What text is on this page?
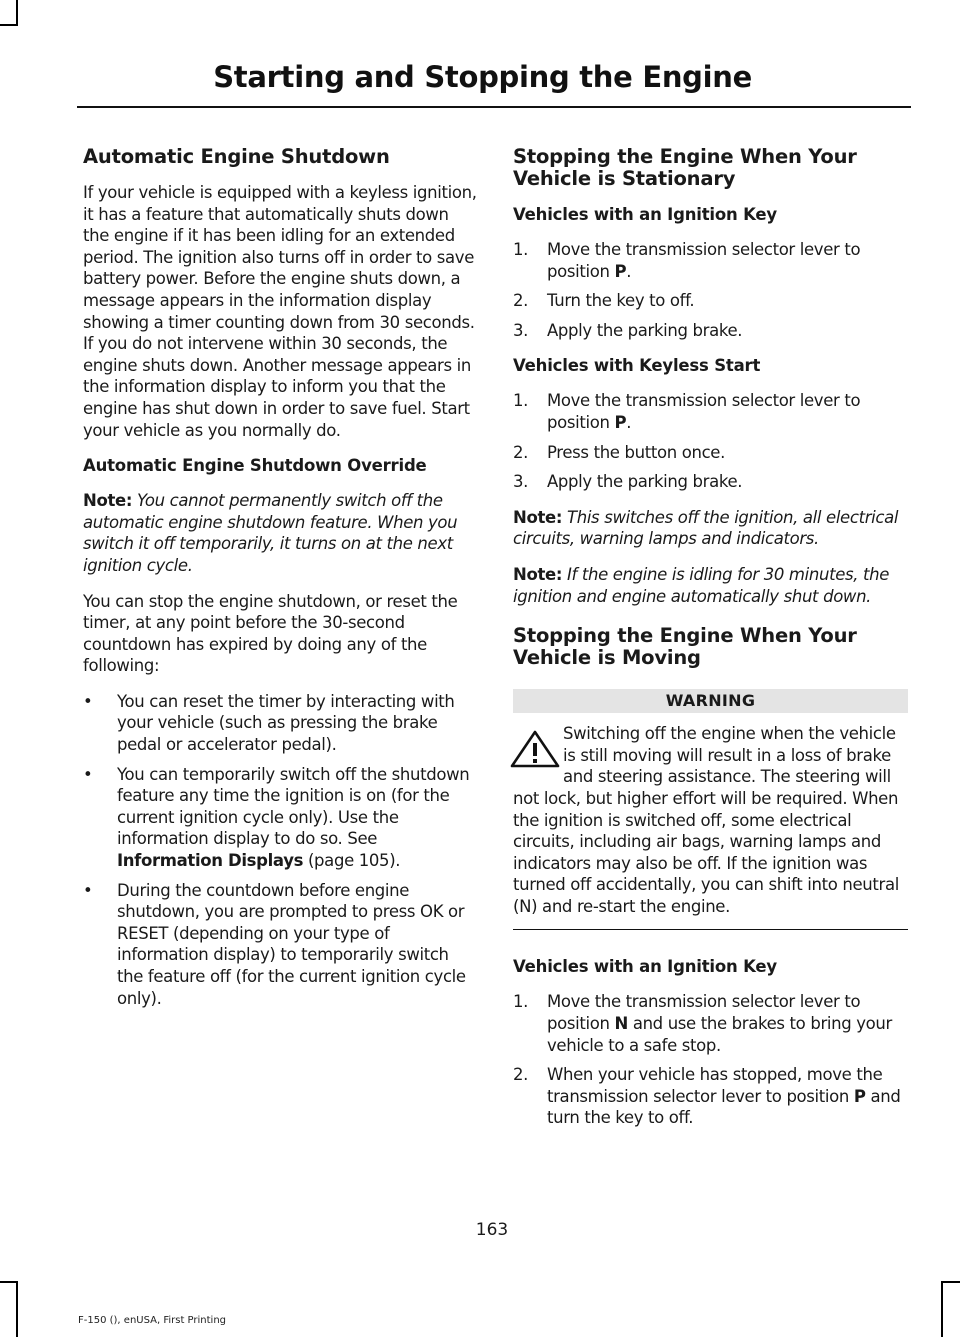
Starting and Stopping the Engine
Automatic Engine Shutdown

If your vehicle is equipped with a keyless ignition, it has a feature that automatically shuts down the engine if it has been idling for an extended period. The ignition also turns off in order to save battery power. Before the engine shuts down, a message appears in the information display showing a timer counting down from 30 seconds. If you do not intervene within 30 seconds, the engine shuts down. Another message appears in the information display to inform you that the engine has shut down in order to save fuel. Start your vehicle as you normally do.

Automatic Engine Shutdown Override

Note: You cannot permanently switch off the automatic engine shutdown feature. When you switch it off temporarily, it turns on at the next ignition cycle.

You can stop the engine shutdown, or reset the timer, at any point before the 30-second countdown has expired by doing any of the following:

• You can reset the timer by interacting with your vehicle (such as pressing the brake pedal or accelerator pedal).
• You can temporarily switch off the shutdown feature any time the ignition is on (for the current ignition cycle only). Use the information display to do so. See Information Displays (page 105).
• During the countdown before engine shutdown, you are prompted to press OK or RESET (depending on your type of information display) to temporarily switch the feature off (for the current ignition cycle only).
Stopping the Engine When Your Vehicle is Stationary
Vehicles with an Ignition Key
1. Move the transmission selector lever to position P.
2. Turn the key to off.
3. Apply the parking brake.
Vehicles with Keyless Start
1. Move the transmission selector lever to position P.
2. Press the button once.
3. Apply the parking brake.

Note: This switches off the ignition, all electrical circuits, warning lamps and indicators.

Note: If the engine is idling for 30 minutes, the ignition and engine automatically shut down.

Stopping the Engine When Your Vehicle is Moving
WARNING
Switching off the engine when the vehicle is still moving will result in a loss of brake and steering assistance. The steering will not lock, but higher effort will be required. When the ignition is switched off, some electrical circuits, including air bags, warning lamps and indicators may also be off. If the ignition was turned off accidentally, you can shift into neutral (N) and re-start the engine.
Vehicles with an Ignition Key
1. Move the transmission selector lever to position N and use the brakes to bring your vehicle to a safe stop.
2. When your vehicle has stopped, move the transmission selector lever to position P and turn the key to off.
163
F-150 (), enUSA, First Printing
